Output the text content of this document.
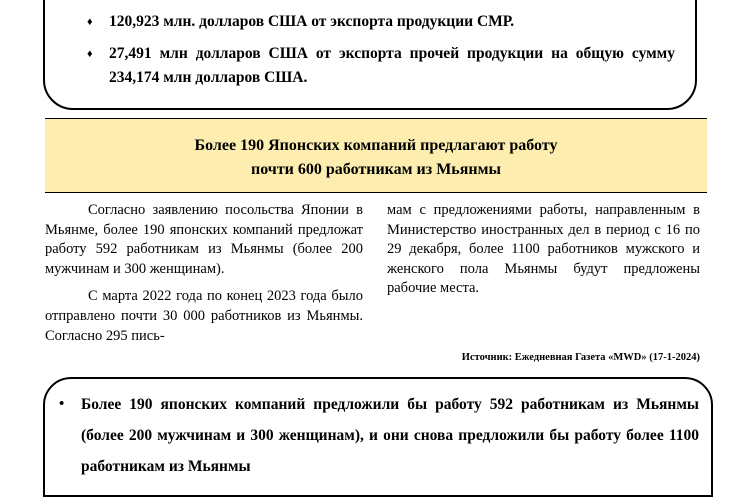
♦ 120,923 млн. долларов США от экспорта продукции СМР.
♦ 27,491 млн долларов США от экспорта прочей продукции на общую сумму 234,174 млн долларов США.
Более 190 Японских компаний предлагают работу
почти 600 работникам из Мьянмы

Согласно заявлению посольства Японии в Мьянме, более 190 японских компаний предложат работу 592 работникам из Мьянмы (более 200 мужчинам и 300 женщинам).

С марта 2022 года по конец 2023 года было отправлено почти 30 000 работников из Мьянмы. Согласно 295 пись-

мам с предложениями работы, направленным в Министерство иностранных дел в период с 16 по 29 декабря, более 1100 работников мужского и женского пола Мьянмы будут предложены рабочие места.

Источник: Ежедневная Газета «MWD» (17-1-2024)
• Более 190 японских компаний предложили бы работу 592 работникам из Мьянмы (более 200 мужчинам и 300 женщинам), и они снова предложили бы работу более 1100 работникам из Мьянмы
